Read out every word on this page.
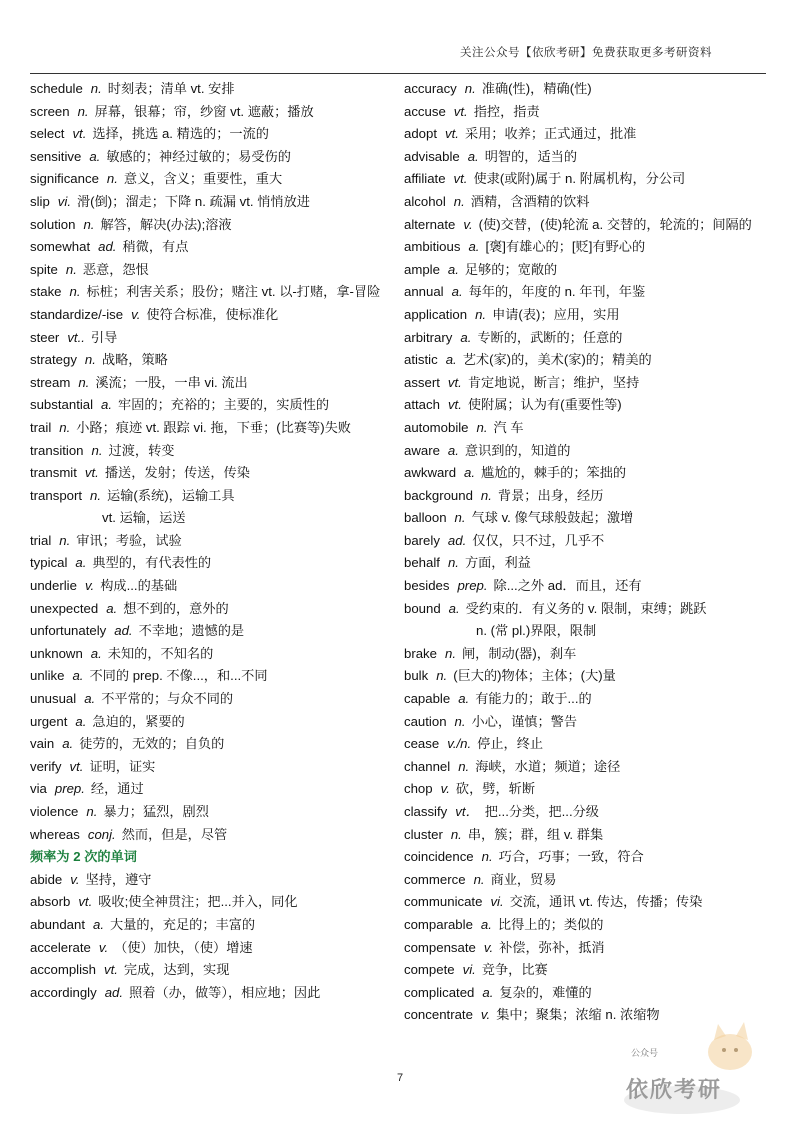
关注公众号【依欣考研】免费获取更多考研资料
schedule n. 时刻表；清单 vt. 安排
screen n. 屏幕，银幕；帘，纱窗 vt. 遮蔽；播放
select vt. 选择，挑选 a. 精选的；一流的
sensitive a. 敏感的；神经过敏的；易受伤的
significance n. 意义，含义；重要性，重大
slip vi. 滑(倒)；溜走；下降 n. 疏漏 vt. 悄悄放进
solution n. 解答，解决(办法);溶液
somewhat ad. 稍微，有点
spite n. 恶意，怨恨
stake n. 标桩；利害关系；股份；赌注 vt. 以-打赌，拿-冒险
standardize/-ise v. 使符合标准，使标准化
steer vt.. 引导
strategy n. 战略，策略
stream n. 溪流；一股，一串 vi. 流出
substantial a. 牢固的；充裕的；主要的，实质性的
trail n. 小路；痕迹 vt. 跟踪 vi. 拖，下垂；(比赛等)失败
transition n. 过渡，转变
transmit vt. 播送，发射；传送，传染
transport n. 运输(系统)，运输工具
vt. 运输，运送
trial n. 审讯；考验，试验
typical a. 典型的，有代表性的
underlie v. 构成...的基础
unexpected a. 想不到的，意外的
unfortunately ad. 不幸地；遗憾的是
unknown a. 未知的，不知名的
unlike a. 不同的 prep. 不像...，和...不同
unusual a. 不平常的；与众不同的
urgent a. 急迫的，紧要的
vain a. 徒劳的，无效的；自负的
verify vt. 证明，证实
via prep. 经，通过
violence n. 暴力；猛烈，剧烈
whereas conj. 然而，但是，尽管
频率为 2 次的单词
abide v. 坚持，遵守
absorb vt. 吸收;使全神贯注；把...并入，同化
abundant a. 大量的，充足的；丰富的
accelerate v. （使）加快，（使）增速
accomplish vt. 完成，达到，实现
accordingly ad. 照着（办，做等），相应地；因此
accuracy n. 准确(性)，精确(性)
accuse vt. 指控，指责
adopt vt. 采用；收养；正式通过，批准
advisable a. 明智的，适当的
affiliate vt. 使隶(或附)属于 n. 附属机构，分公司
alcohol n. 酒精，含酒精的饮料
alternate v. (使)交替，(使)轮流 a. 交替的，轮流的；间隔的
ambitious a. [褒]有雄心的；[贬]有野心的
ample a. 足够的；宽敞的
annual a. 每年的，年度的 n. 年刊，年鉴
application n. 申请(表)；应用，实用
arbitrary a. 专断的，武断的；任意的
atistic a. 艺术(家)的，美术(家)的；精美的
assert vt. 肯定地说，断言；维护，坚持
attach vt. 使附属；认为有(重要性等)
automobile n. 汽 车
aware a. 意识到的，知道的
awkward a. 尴尬的，棘手的；笨拙的
background n. 背景；出身，经历
balloon n. 气球 v. 像气球般鼓起；激增
barely ad. 仅仅，只不过，几乎不
behalf n. 方面，利益
besides prep. 除...之外 ad．而且，还有
bound a. 受约束的．有义务的 v. 限制，束缚；跳跃
n. (常 pl.)界限，限制
brake n. 闸，制动(器)，刹车
bulk n. (巨大的)物体；主体；(大)量
capable a. 有能力的；敢于...的
caution n. 小心，谨慎；警告
cease v./n. 停止，终止
channel n. 海峡，水道；频道；途径
chop v. 砍，劈，斩断
classify vt． 把...分类，把...分级
cluster n. 串，簇；群，组 v. 群集
coincidence n. 巧合，巧事；一致，符合
commerce n. 商业，贸易
communicate vi. 交流，通讯 vt. 传达，传播；传染
comparable a. 比得上的；类似的
compensate v. 补偿，弥补，抵消
compete vi. 竞争，比赛
complicated a. 复杂的，难懂的
concentrate v. 集中；聚集；浓缩 n. 浓缩物
7
公众号
依欣考研
